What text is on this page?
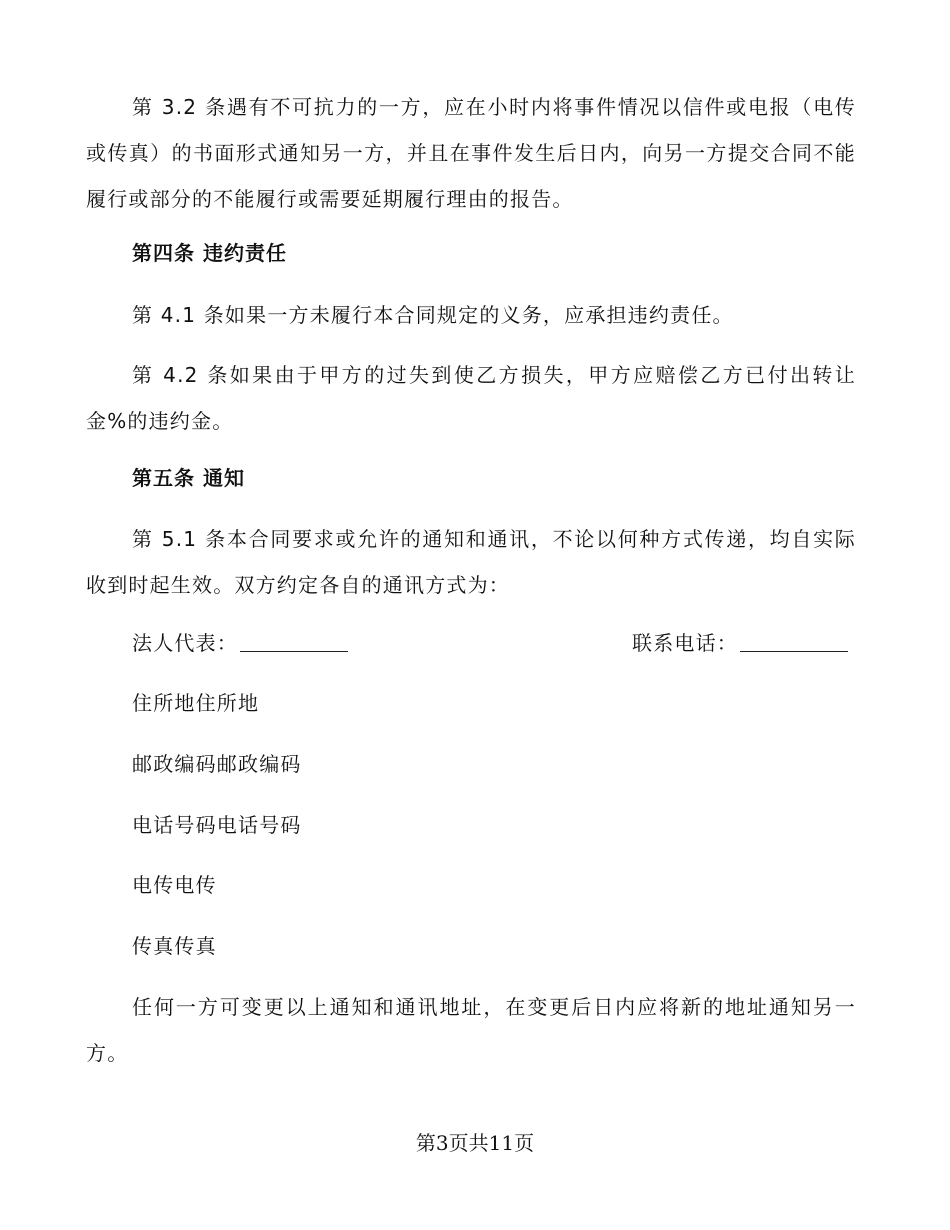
第 3.2 条遇有不可抗力的一方，应在小时内将事件情况以信件或电报（电传或传真）的书面形式通知另一方，并且在事件发生后日内，向另一方提交合同不能履行或部分的不能履行或需要延期履行理由的报告。

第四条 违约责任

第 4.1 条如果一方未履行本合同规定的义务，应承担违约责任。

第 4.2 条如果由于甲方的过失到使乙方损失，甲方应赔偿乙方已付出转让金%的违约金。

第五条 通知

第 5.1 条本合同要求或允许的通知和通讯，不论以何种方式传递，均自实际收到时起生效。双方约定各自的通讯方式为：

法人代表：	联系电话：

住所地住所地

邮政编码邮政编码

电话号码电话号码

电传电传

传真传真

任何一方可变更以上通知和通讯地址，在变更后日内应将新的地址通知另一方。

第3页共11页
